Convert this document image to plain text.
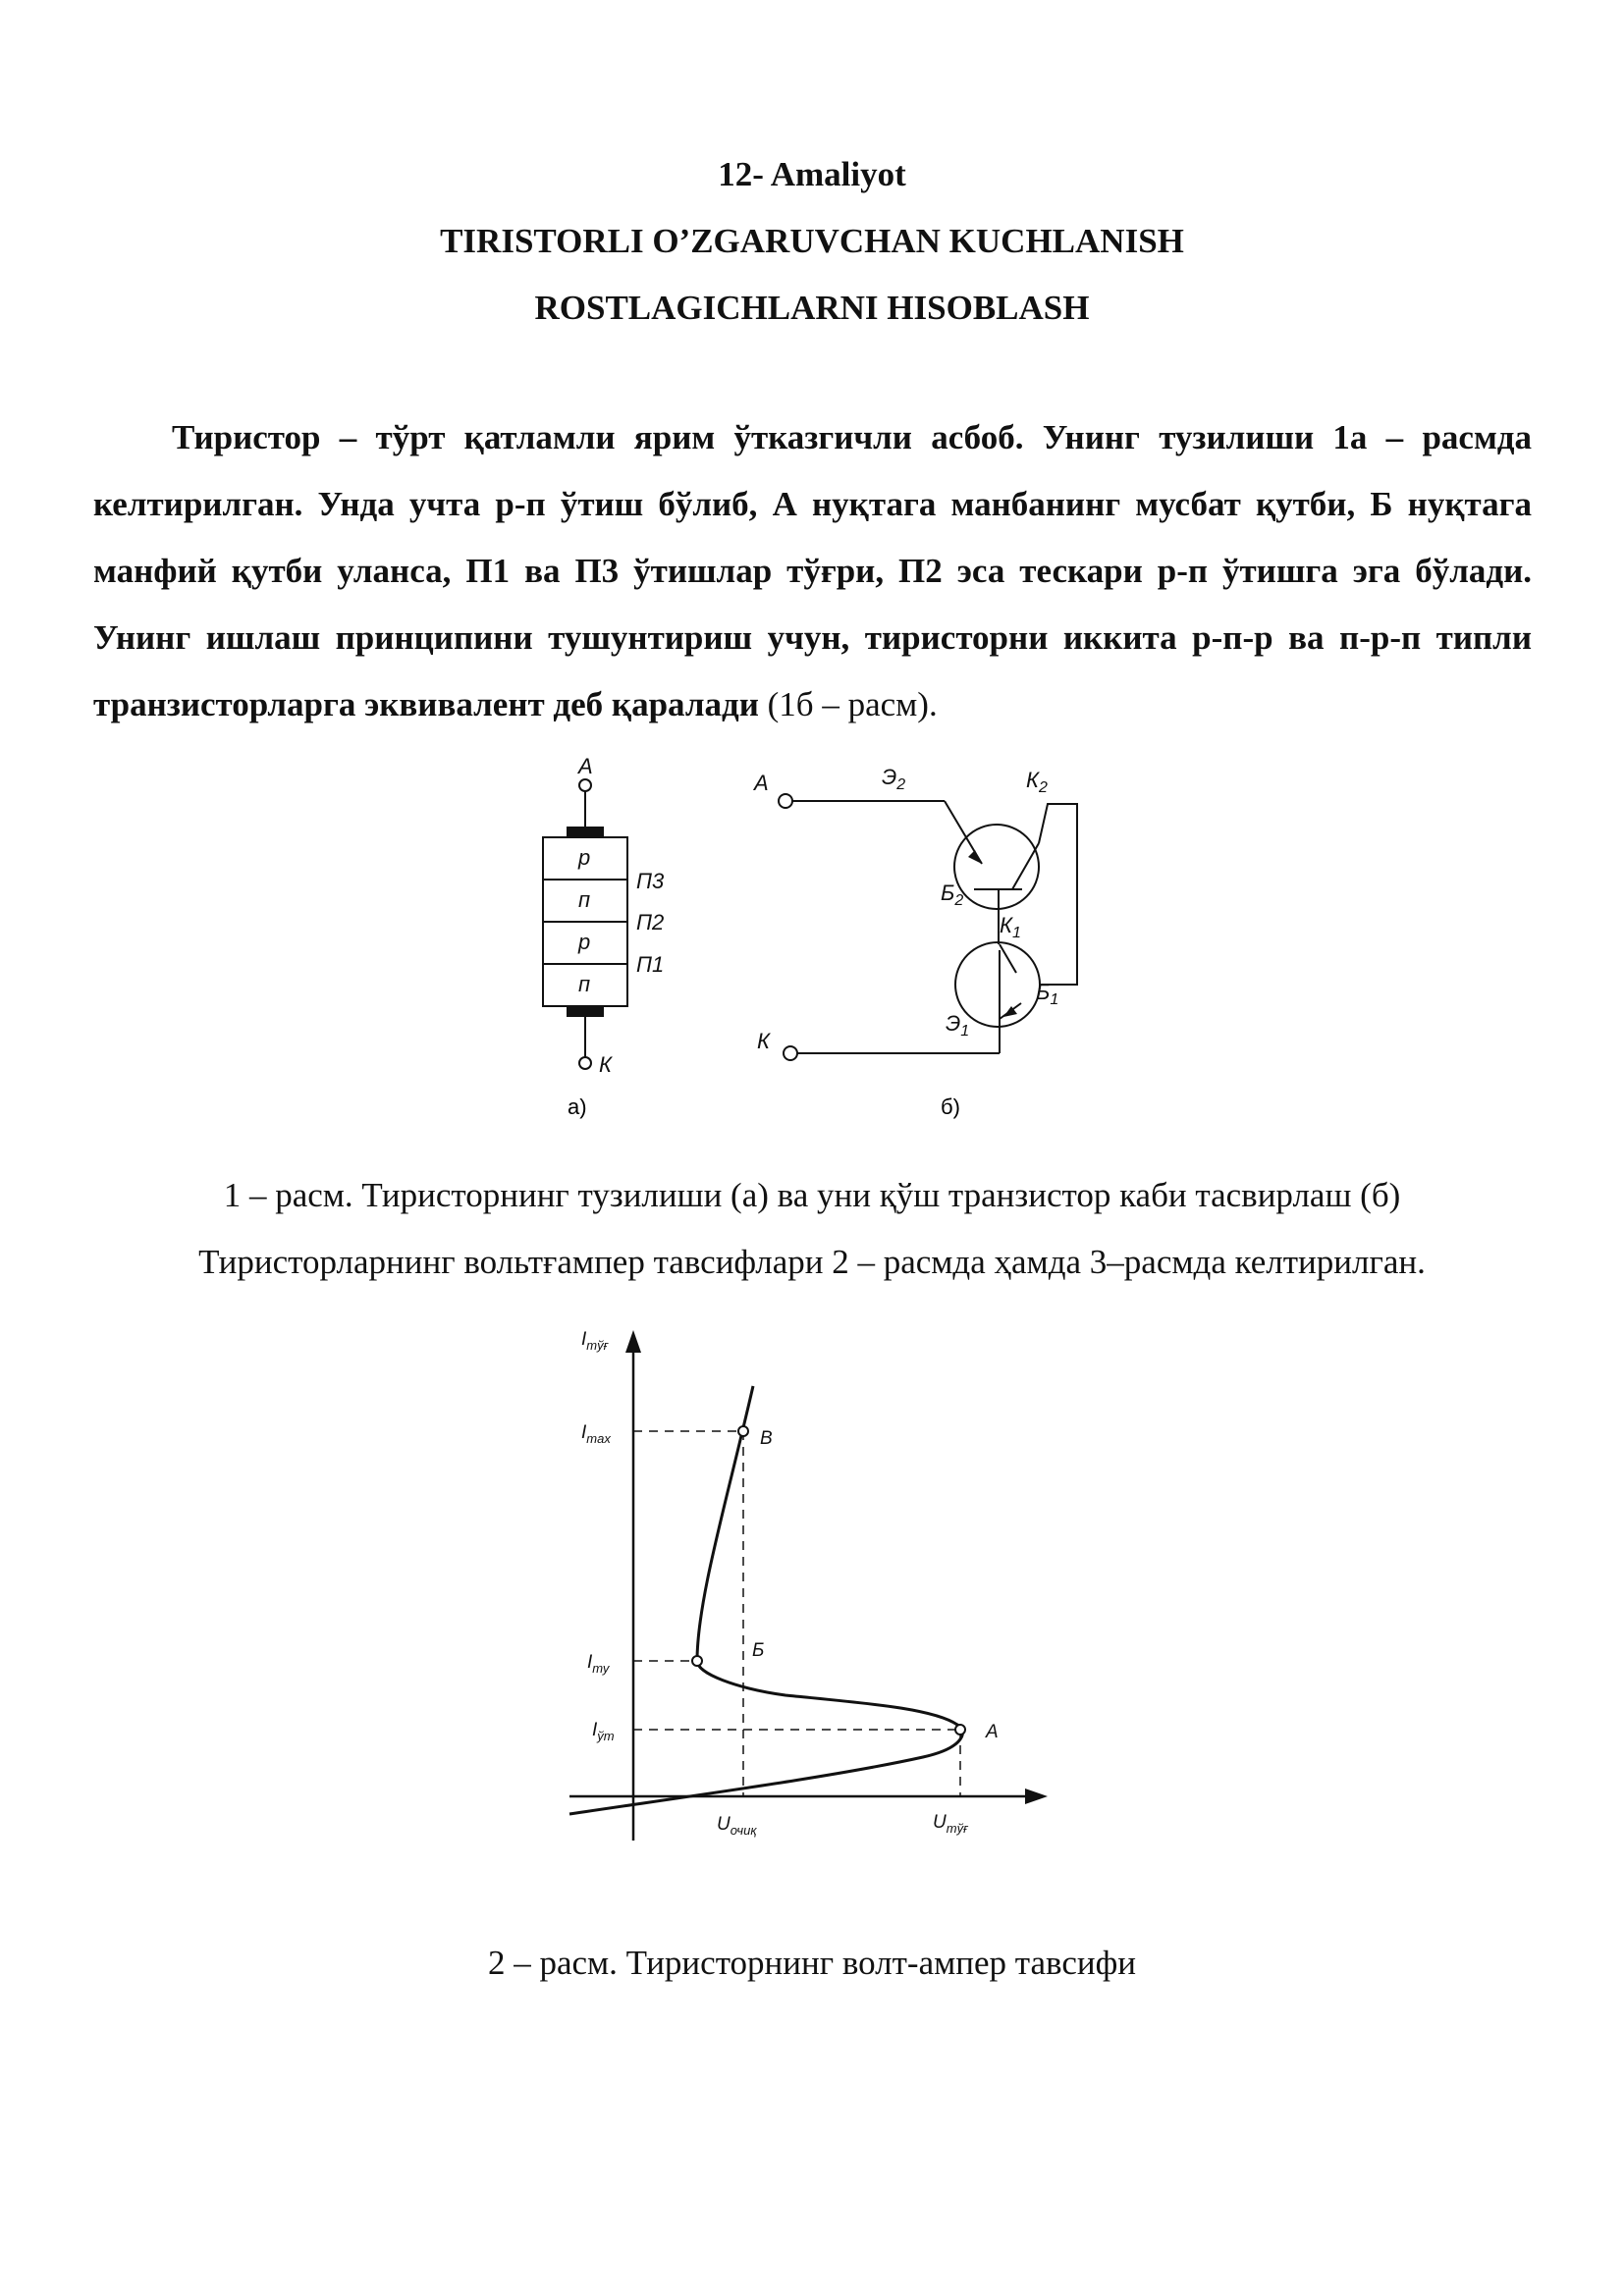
12- Amaliyot
TIRISTORLI O’ZGARUVCHAN KUCHLANISH
ROSTLAGICHLARNI HISOBLASH

Тиристор – тўрт қатламли ярим ўтказгичли асбоб. Унинг тузилиши 1а – расмда келтирилган. Унда учта р-п ўтиш бўлиб, А нуқтага манбанинг мусбат қутби, Б нуқтага манфий қутби уланса, П1 ва П3 ўтишлар тўғри, П2 эса тескари р-п ўтишга эга бўлади. Унинг ишлаш принципини тушунтириш учун, тиристорни иккита р-п-р ва п-р-п типли транзисторларга эквивалент деб қаралади (1б – расм).

А
р
п
р
п
П3
П2
П1
К
а)
А	$Э_2$	$К_2$
$Б_2$
$К_1$
$Б_1$
$Э_1$
К
б)
1 – расм. Тиристорнинг тузилиши (а) ва уни қўш транзистор каби тасвирлаш (б)
Тиристорларнинг вольтғампер тавсифлари 2 – расмда ҳамда 3–расмда келтирилган.
$I_{тўғ}$
$I_{max}$
$I_{ту}$
$I_{ўт}$
$U_{очиқ}$	$U_{тўғ}$
В
Б
А
2 – расм. Тиристорнинг волт-ампер тавсифи
